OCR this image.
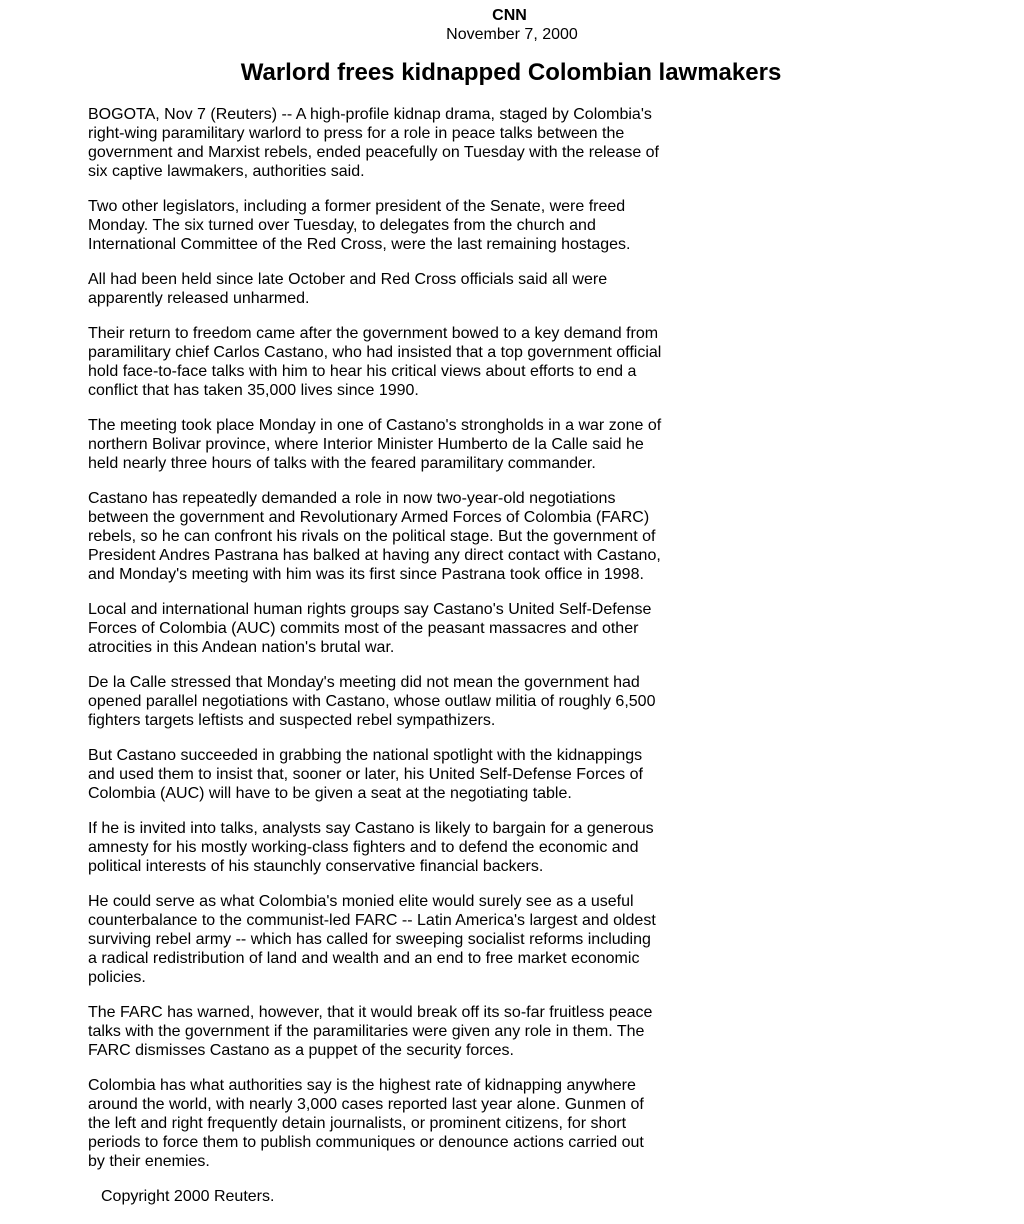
CNN
November 7, 2000
Warlord frees kidnapped Colombian lawmakers

BOGOTA, Nov 7 (Reuters) -- A high-profile kidnap drama, staged by Colombia's right-wing paramilitary warlord to press for a role in peace talks between the government and Marxist rebels, ended peacefully on Tuesday with the release of six captive lawmakers, authorities said.

Two other legislators, including a former president of the Senate, were freed Monday. The six turned over Tuesday, to delegates from the church and International Committee of the Red Cross, were the last remaining hostages.

All had been held since late October and Red Cross officials said all were apparently released unharmed.

Their return to freedom came after the government bowed to a key demand from paramilitary chief Carlos Castano, who had insisted that a top government official hold face-to-face talks with him to hear his critical views about efforts to end a conflict that has taken 35,000 lives since 1990.

The meeting took place Monday in one of Castano's strongholds in a war zone of northern Bolivar province, where Interior Minister Humberto de la Calle said he held nearly three hours of talks with the feared paramilitary commander.

Castano has repeatedly demanded a role in now two-year-old negotiations between the government and Revolutionary Armed Forces of Colombia (FARC) rebels, so he can confront his rivals on the political stage. But the government of President Andres Pastrana has balked at having any direct contact with Castano, and Monday's meeting with him was its first since Pastrana took office in 1998.

Local and international human rights groups say Castano's United Self-Defense Forces of Colombia (AUC) commits most of the peasant massacres and other atrocities in this Andean nation's brutal war.

De la Calle stressed that Monday's meeting did not mean the government had opened parallel negotiations with Castano, whose outlaw militia of roughly 6,500 fighters targets leftists and suspected rebel sympathizers.

But Castano succeeded in grabbing the national spotlight with the kidnappings and used them to insist that, sooner or later, his United Self-Defense Forces of Colombia (AUC) will have to be given a seat at the negotiating table.

If he is invited into talks, analysts say Castano is likely to bargain for a generous amnesty for his mostly working-class fighters and to defend the economic and political interests of his staunchly conservative financial backers.

He could serve as what Colombia's monied elite would surely see as a useful counterbalance to the communist-led FARC -- Latin America's largest and oldest surviving rebel army -- which has called for sweeping socialist reforms including a radical redistribution of land and wealth and an end to free market economic policies.

The FARC has warned, however, that it would break off its so-far fruitless peace talks with the government if the paramilitaries were given any role in them. The FARC dismisses Castano as a puppet of the security forces.

Colombia has what authorities say is the highest rate of kidnapping anywhere around the world, with nearly 3,000 cases reported last year alone. Gunmen of the left and right frequently detain journalists, or prominent citizens, for short periods to force them to publish communiques or denounce actions carried out by their enemies.

Copyright 2000 Reuters.
